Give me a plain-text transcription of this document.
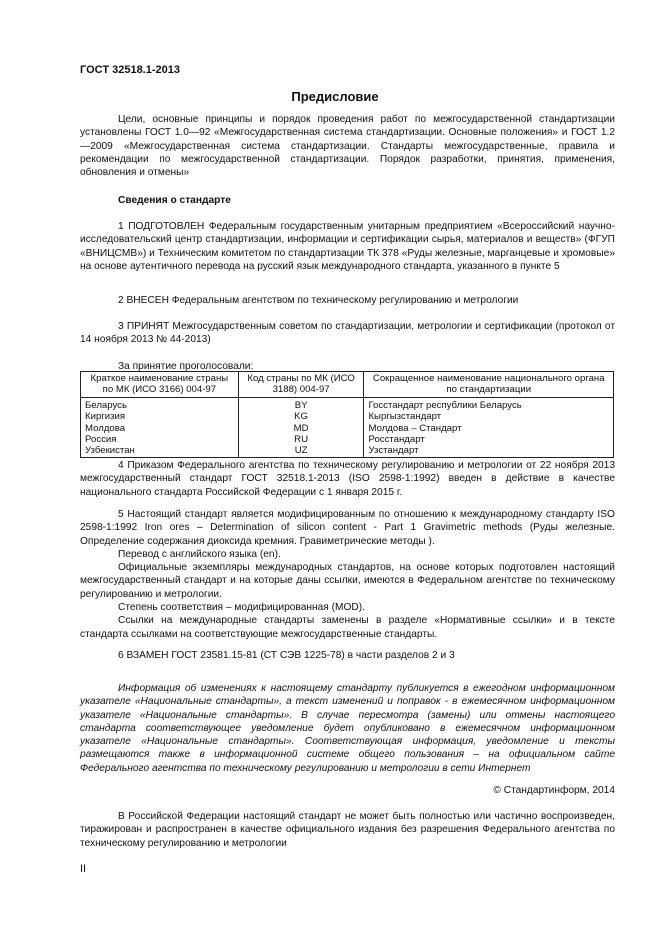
ГОСТ 32518.1-2013
Предисловие

Цели, основные принципы и порядок проведения работ по межгосударственной стандартизации установлены ГОСТ 1.0—92 «Межгосударственная система стандартизации. Основные положения» и ГОСТ 1.2—2009 «Межгосударственная система стандартизации. Стандарты межгосударственные, правила и рекомендации по межгосударственной стандартизации. Порядок разработки, принятия, применения, обновления и отмены»

Сведения о стандарте

1 ПОДГОТОВЛЕН Федеральным государственным унитарным предприятием «Всероссийский научно-исследовательский центр стандартизации, информации и сертификации сырья, материалов и веществ» (ФГУП «ВНИЦСМВ») и Техническим комитетом по стандартизации ТК 378 «Руды железные, марганцевые и хромовые» на основе аутентичного перевода на русский язык международного стандарта, указанного в пункте 5

2 ВНЕСЕН Федеральным агентством по техническому регулированию и метрологии

3 ПРИНЯТ Межгосударственным советом по стандартизации, метрологии и сертификации (протокол от 14 ноября 2013 № 44-2013)

За принятие проголосовали:
Краткое наименование страны по МК (ИСО 3166) 004-97	Код страны по МК (ИСО 3188) 004-97	Сокращенное наименование национального органа по стандартизации
Беларусь	BY	Госстандарт республики Беларусь
Киргизия	KG	Кыргызстандарт
Молдова	MD	Молдова – Стандарт
Россия	RU	Росстандарт
Узбекистан	UZ	Узстандарт

4 Приказом Федерального агентства по техническому регулированию и метрологии от 22 ноября 2013 межгосударственный стандарт ГОСТ 32518.1-2013 (ISO 2598-1:1992) введен в действие в качестве национального стандарта Российской Федерации с 1 января 2015 г.

5 Настоящий стандарт является модифицированным по отношению к международному стандарту ISO 2598-1:1992 Iron ores – Determination of silicon content - Part 1 Gravimetric methods (Руды железные. Определение содержания диоксида кремния. Гравиметрические методы ).

Перевод с английского языка (en).

Официальные экземпляры международных стандартов, на основе которых подготовлен настоящий межгосударственный стандарт и на которые даны ссылки, имеются в Федеральном агентстве по техническому регулированию и метрологии.

Степень соответствия – модифицированная (MOD).

Ссылки на международные стандарты заменены в разделе «Нормативные ссылки» и в тексте стандарта ссылками на соответствующие межгосударственные стандарты.

6 ВЗАМЕН ГОСТ 23581.15-81 (СТ СЭВ 1225-78) в части разделов 2 и 3

Информация об изменениях к настоящему стандарту публикуется в ежегодном информационном указателе «Национальные стандарты», а текст изменений и поправок - в ежемесячном информационном указателе «Национальные стандарты». В случае пересмотра (замены) или отмены настоящего стандарта соответствующее уведомление будет опубликовано в ежемесячном информационном указателе «Национальные стандарты». Соответствующая информация, уведомление и тексты размещаются также в информационной системе общего пользования – на официальном сайте Федерального агентства по техническому регулированию и метрологии в сети Интернет

© Стандартинформ, 2014

В Российской Федерации настоящий стандарт не может быть полностью или частично воспроизведен, тиражирован и распространен в качестве официального издания без разрешения Федерального агентства по техническому регулированию и метрологии

II
